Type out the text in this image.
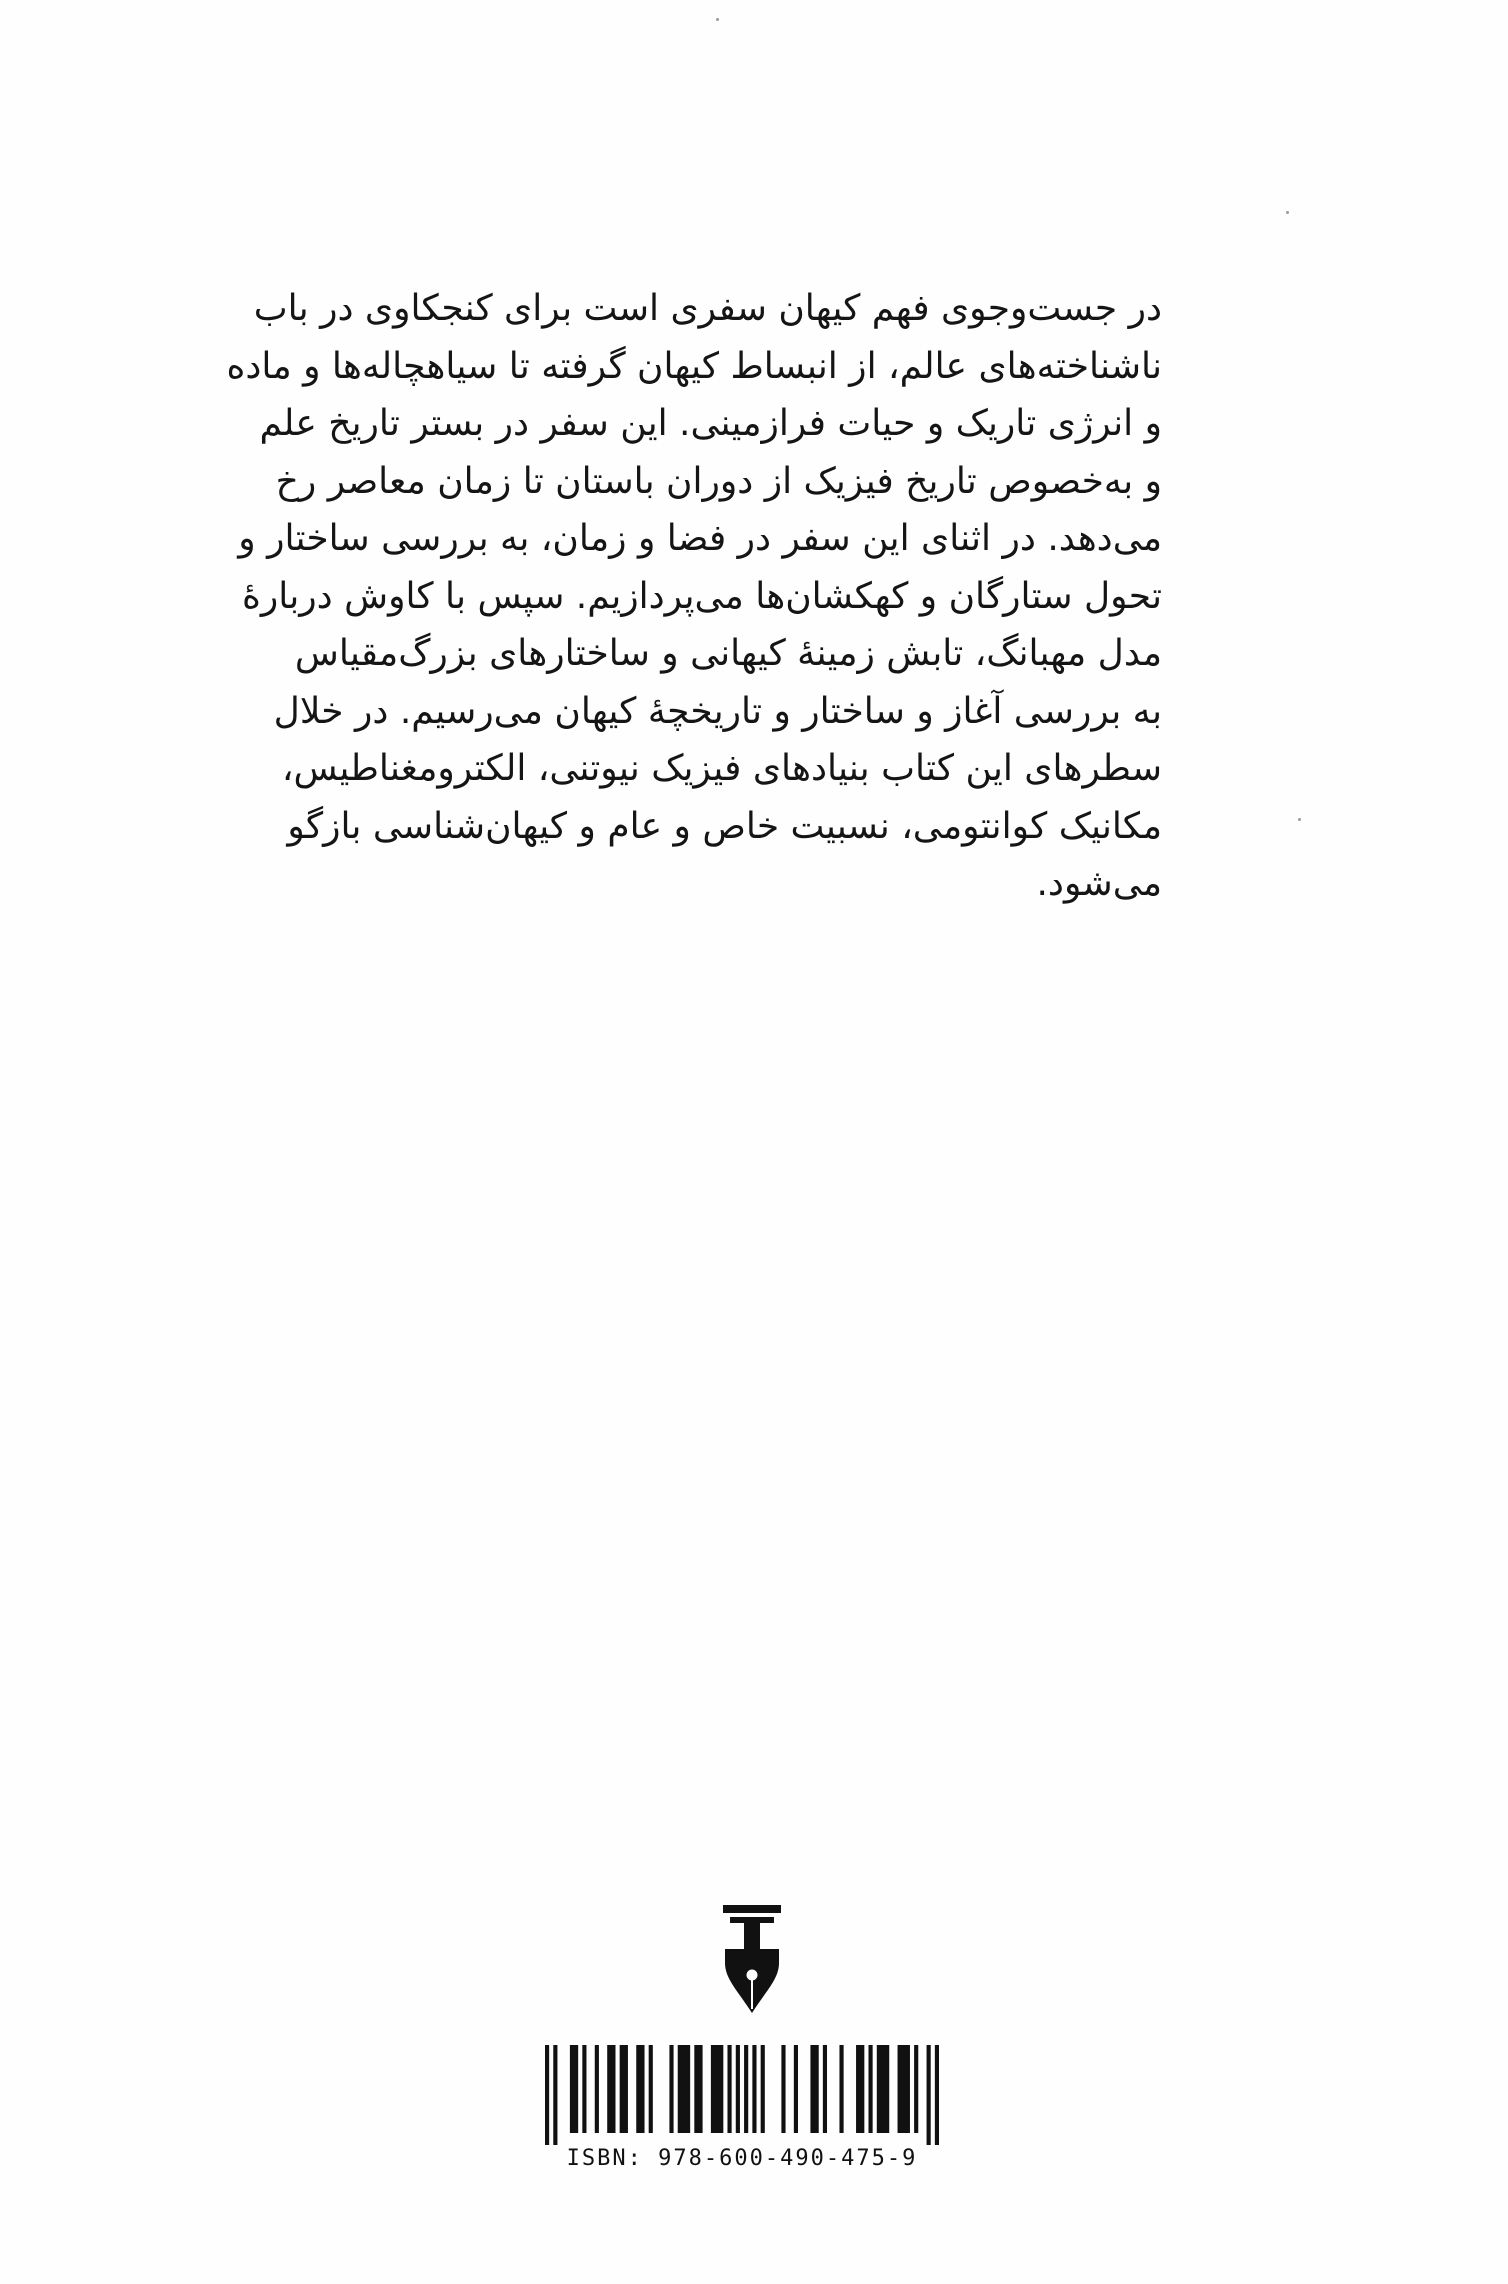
در جست‌وجوی فهم کیهان سفری است برای کنجکاوی در باب
ناشناخته‌های عالم، از انبساط کیهان گرفته تا سیاهچاله‌ها و ماده
و انرژی تاریک و حیات فرازمینی. این سفر در بستر تاریخ علم
و به‌خصوص تاریخ فیزیک از دوران باستان تا زمان معاصر رخ
می‌دهد. در اثنای این سفر در فضا و زمان، به بررسی ساختار و
تحول ستارگان و کهکشان‌ها می‌پردازیم. سپس با کاوش دربارهٔ
مدل مهبانگ، تابش زمینهٔ کیهانی و ساختارهای بزرگ‌مقیاس
به بررسی آغاز و ساختار و تاریخچهٔ کیهان می‌رسیم. در خلال
سطرهای این کتاب بنیادهای فیزیک نیوتنی، الکترومغناطیس،
مکانیک کوانتومی، نسبیت خاص و عام و کیهان‌شناسی بازگو
می‌شود.
ISBN: 978-600-490-475-9
